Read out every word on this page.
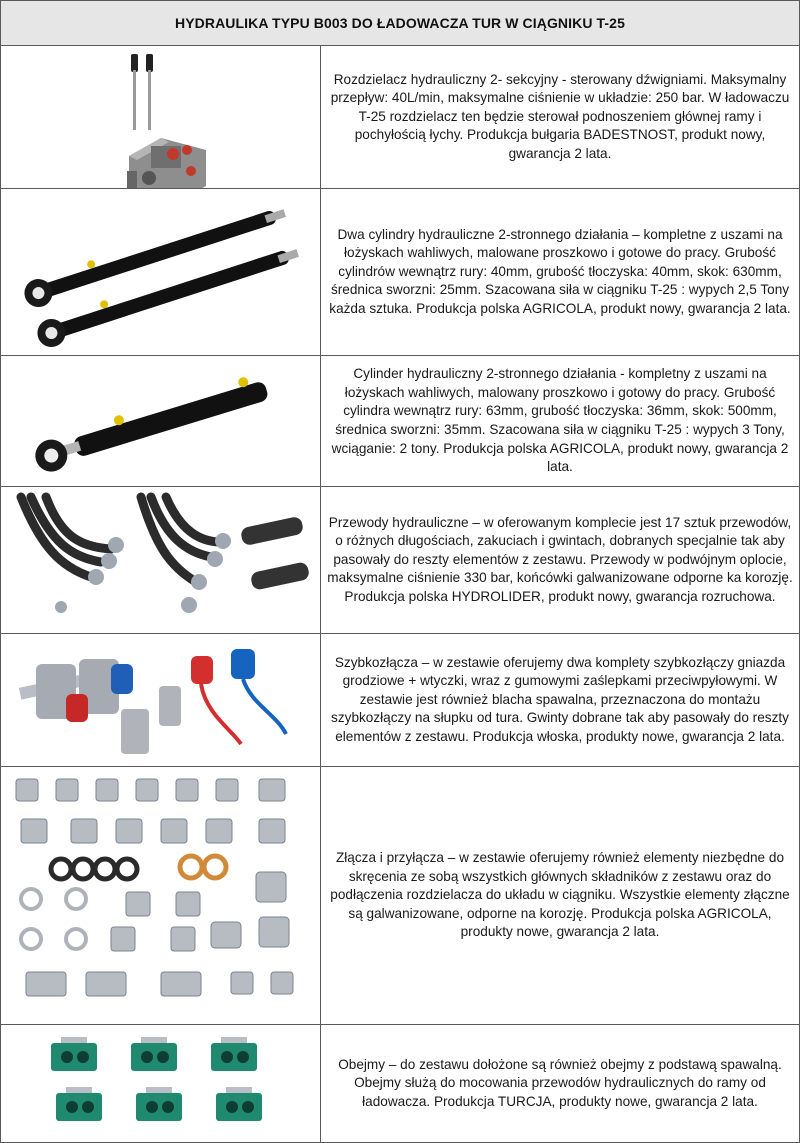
HYDRAULIKA TYPU B003 DO ŁADOWACZA TUR W CIĄGNIKU T-25

Rozdzielacz hydrauliczny 2- sekcyjny - sterowany dźwigniami. Maksymalny przepływ: 40L/min, maksymalne ciśnienie w układzie: 250 bar. W ładowaczu T-25 rozdzielacz ten będzie sterował podnoszeniem głównej ramy i pochyłością łychy. Produkcja bułgaria BADESTNOST, produkt nowy, gwarancja 2 lata.

Dwa cylindry hydrauliczne 2-stronnego działania – kompletne z uszami na łożyskach wahliwych, malowane proszkowo i gotowe do pracy. Grubość cylindrów wewnątrz rury: 40mm, grubość tłoczyska: 40mm, skok: 630mm, średnica sworzni: 25mm. Szacowana siła w ciągniku T-25 : wypych 2,5 Tony każda sztuka. Produkcja polska AGRICOLA, produkt nowy, gwarancja 2 lata.

Cylinder hydrauliczny 2-stronnego działania - kompletny z uszami na łożyskach wahliwych, malowany proszkowo i gotowy do pracy. Grubość cylindra wewnątrz rury: 63mm, grubość tłoczyska: 36mm, skok: 500mm, średnica sworzni: 35mm. Szacowana siła w ciągniku T-25 : wypych 3 Tony, wciąganie: 2 tony. Produkcja polska AGRICOLA, produkt nowy, gwarancja 2 lata.

Przewody hydrauliczne – w oferowanym komplecie jest 17 sztuk przewodów, o różnych długościach, zakuciach i gwintach, dobranych specjalnie tak aby pasowały do reszty elementów z zestawu. Przewody w podwójnym oplocie, maksymalne ciśnienie 330 bar, końcówki galwanizowane odporne ka korozję. Produkcja polska HYDROLIDER, produkt nowy, gwarancja rozruchowa.

Szybkozłącza – w zestawie oferujemy dwa komplety szybkozłączy gniazda grodziowe + wtyczki, wraz z gumowymi zaślepkami przeciwpyłowymi. W zestawie jest również blacha spawalna, przeznaczona do montażu szybkozłączy na słupku od tura. Gwinty dobrane tak aby pasowały do reszty elementów z zestawu. Produkcja włoska, produkty nowe, gwarancja 2 lata.

Złącza i przyłącza – w zestawie oferujemy również elementy niezbędne do skręcenia ze sobą wszystkich głównych składników z zestawu oraz do podłączenia rozdzielacza do układu w ciągniku. Wszystkie elementy złączne są galwanizowane, odporne na korozję. Produkcja polska AGRICOLA, produkty nowe, gwarancja 2 lata.

Obejmy – do zestawu dołożone są również obejmy z podstawą spawalną. Obejmy służą do mocowania przewodów hydraulicznych do ramy od ładowacza. Produkcja TURCJA, produkty nowe, gwarancja 2 lata.
